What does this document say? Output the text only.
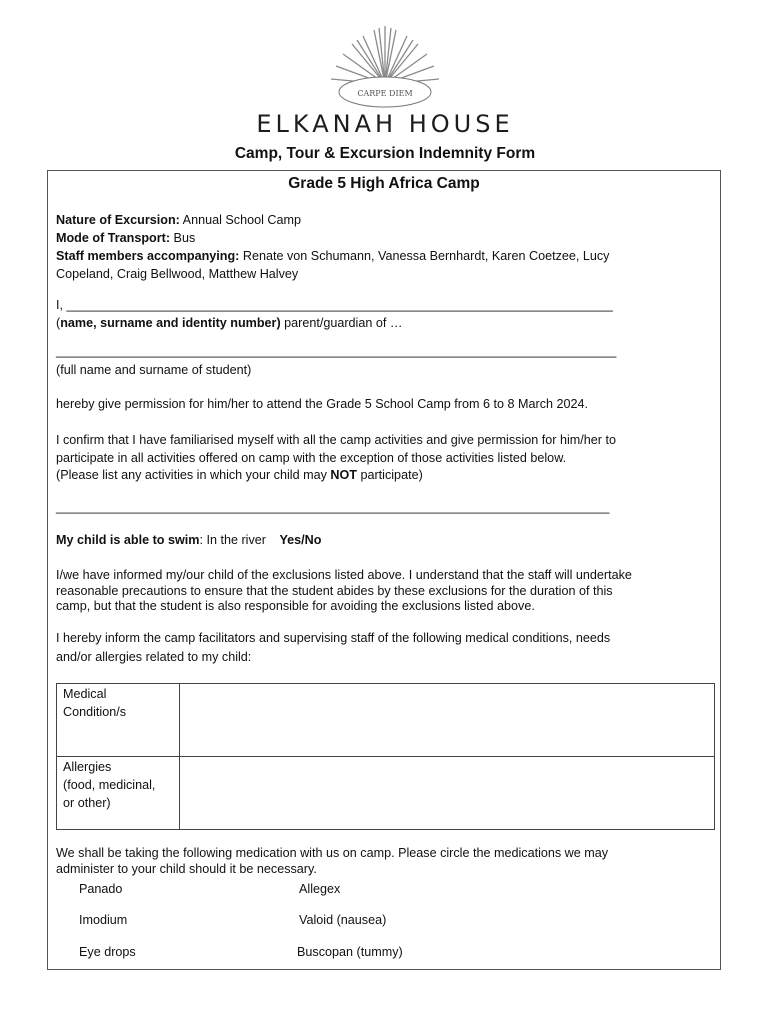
CARPE DIEM
ELKANAH HOUSE
Camp, Tour & Excursion Indemnity Form
Grade 5 High Africa Camp
Nature of Excursion: Annual School Camp
Mode of Transport: Bus
Staff members accompanying: Renate von Schumann, Vanessa Bernhardt, Karen Coetzee, Lucy
Copeland, Craig Bellwood, Matthew Halvey
I, ______________________________________________________________________________
(name, surname and identity number) parent/guardian of …
________________________________________________________________________________
(full name and surname of student)
hereby give permission for him/her to attend the Grade 5 School Camp from 6 to 8 March 2024.
I confirm that I have familiarised myself with all the camp activities and give permission for him/her to
participate in all activities offered on camp with the exception of those activities listed below.
(Please list any activities in which your child may NOT participate)
_______________________________________________________________________________
My child is able to swim: In the river Yes/No
I/we have informed my/our child of the exclusions listed above. I understand that the staff will undertake
reasonable precautions to ensure that the student abides by these exclusions for the duration of this
camp, but that the student is also responsible for avoiding the exclusions listed above.
I hereby inform the camp facilitators and supervising staff of the following medical conditions, needs
and/or allergies related to my child:
Medical
Condition/s	

Allergies
(food, medicinal,
or other)	

We shall be taking the following medication with us on camp. Please circle the medications we may
administer to your child should it be necessary.
Panado	Allegex
Imodium	Valoid (nausea)
Eye drops	Buscopan (tummy)
